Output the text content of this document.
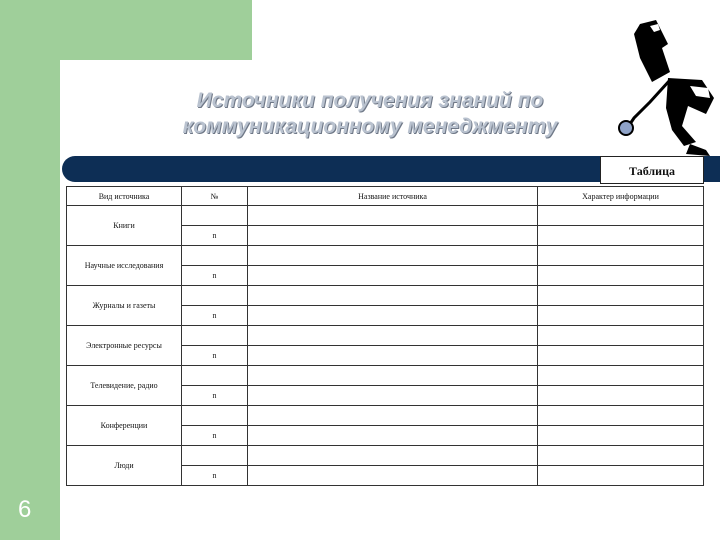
Источники получения знаний по
коммуникационному менеджменту
Таблица
Вид источника	№	Название источника	Характер информации
Книги			
	n		
Научные исследования			
	n		
Журналы и газеты			
	n		
Электронные ресурсы			
	n		
Телевидение, радио			
	n		
Конференции			
	n		
Люди			
	n		
6
